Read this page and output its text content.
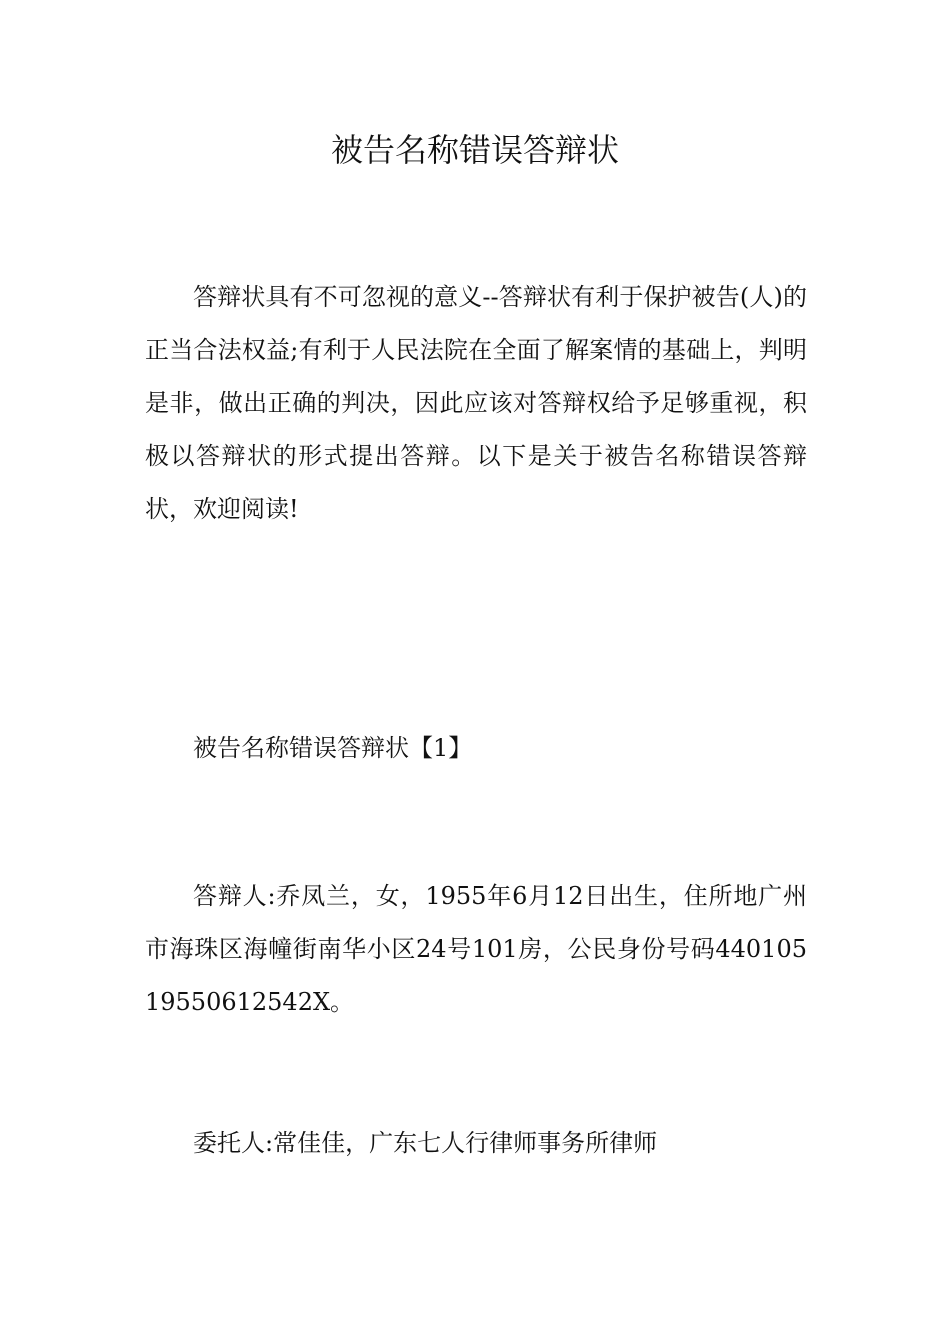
被告名称错误答辩状

答辩状具有不可忽视的意义--答辩状有利于保护被告(人)的正当合法权益;有利于人民法院在全面了解案情的基础上，判明是非，做出正确的判决，因此应该对答辩权给予足够重视，积极以答辩状的形式提出答辩。以下是关于被告名称错误答辩状，欢迎阅读!

被告名称错误答辩状【1】

答辩人:乔凤兰，女，1955年6月12日出生，住所地广州市海珠区海幢街南华小区24号101房，公民身份号码44010519550612542X。

委托人:常佳佳，广东七人行律师事务所律师
